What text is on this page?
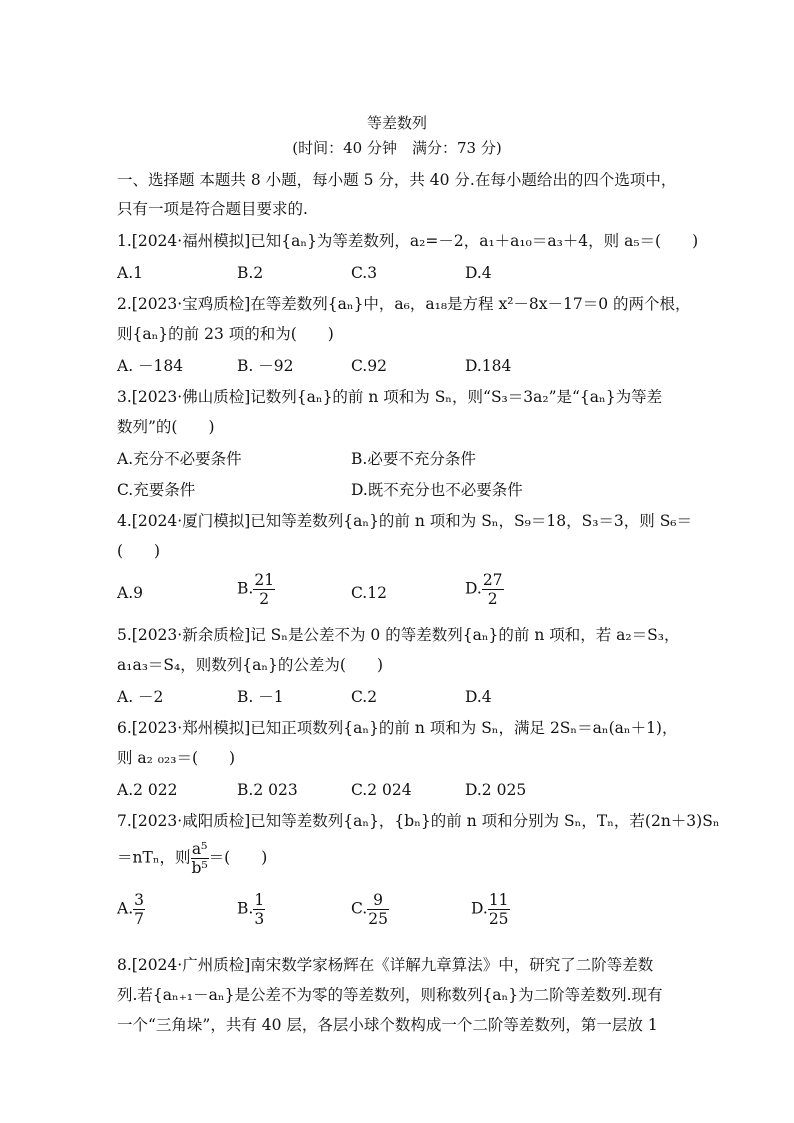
等差数列
(时间：40 分钟　满分：73 分)
一、选择题 本题共 8 小题，每小题 5 分，共 40 分.在每小题给出的四个选项中，
只有一项是符合题目要求的.
1.[2024·福州模拟]已知{aₙ}为等差数列，a₂=－2，a₁＋a₁₀＝a₃＋4，则 a₅＝(　　)
A.1	B.2	C.3	D.4
2.[2023·宝鸡质检]在等差数列{aₙ}中，a₆，a₁₈是方程 x²－8x－17＝0 的两个根，
则{aₙ}的前 23 项的和为(　　)
A. －184	B. －92	C.92	D.184
3.[2023·佛山质检]记数列{aₙ}的前 n 项和为 Sₙ，则“S₃＝3a₂”是“{aₙ}为等差
数列”的(　　)
A.充分不必要条件	B.必要不充分条件
C.充要条件	D.既不充分也不必要条件
4.[2024·厦门模拟]已知等差数列{aₙ}的前 n 项和为 Sₙ，S₉＝18，S₃＝3，则 S₆＝
(　　)
A.9	B. $\frac{21}{2}$	C.12	D. $\frac{27}{2}$
5.[2023·新余质检]记 Sₙ是公差不为 0 的等差数列{aₙ}的前 n 项和，若 a₂＝S₃，
a₁a₃＝S₄，则数列{aₙ}的公差为(　　)
A. －2	B. －1	C.2	D.4
6.[2023·郑州模拟]已知正项数列{aₙ}的前 n 项和为 Sₙ，满足 2Sₙ＝aₙ(aₙ＋1)，
则 a₂ ₀₂₃＝(　　)
A.2 022	B.2 023	C.2 024	D.2 025
7.[2023·咸阳质检]已知等差数列{aₙ}，{bₙ}的前 n 项和分别为 Sₙ，Tₙ，若(2n＋3)Sₙ
＝nTₙ，则 $\frac{\text{a⁵}}{\text{b⁵}}$ ＝(　　)
A. $\frac{3}{7}$	B. $\frac{1}{3}$	C. $\frac{9}{25}$	D. $\frac{11}{25}$
8.[2024·广州质检]南宋数学家杨辉在《详解九章算法》中，研究了二阶等差数
列.若{aₙ₊₁－aₙ}是公差不为零的等差数列，则称数列{aₙ}为二阶等差数列.现有
一个“三角垛”，共有 40 层，各层小球个数构成一个二阶等差数列，第一层放 1
